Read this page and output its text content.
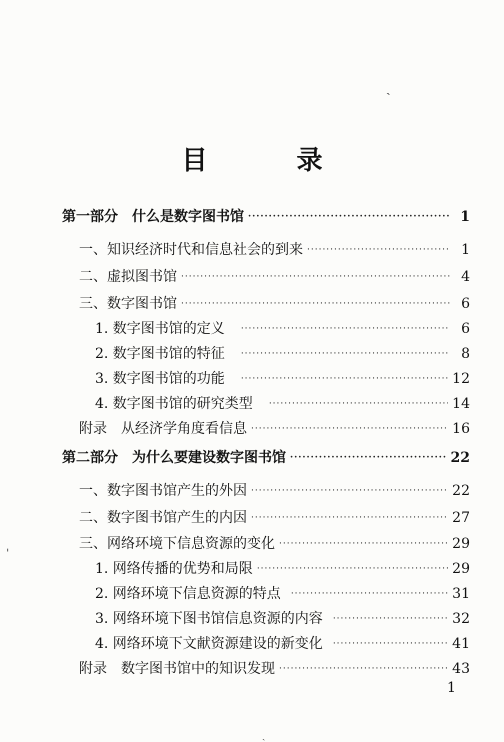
ˏ
ˌ
ˎ
目 录
第一部分　什么是数字图书馆 ·····	1
一、知识经济时代和信息社会的到来 ·····	1
二、虚拟图书馆 ·····	4
三、数字图书馆 ·····	6
1. 数字图书馆的定义 ·····	6
2. 数字图书馆的特征 ·····	8
3. 数字图书馆的功能 ·····	12
4. 数字图书馆的研究类型 ·····	14
附录　从经济学角度看信息 ·····	16
第二部分　为什么要建设数字图书馆 ·····	22
一、数字图书馆产生的外因 ·····	22
二、数字图书馆产生的内因 ·····	27
三、网络环境下信息资源的变化 ·····	29
1. 网络传播的优势和局限 ·····	29
2. 网络环境下信息资源的特点 ·····	31
3. 网络环境下图书馆信息资源的内容 ·····	32
4. 网络环境下文献资源建设的新变化 ·····	41
附录　数字图书馆中的知识发现 ·····	43
1
